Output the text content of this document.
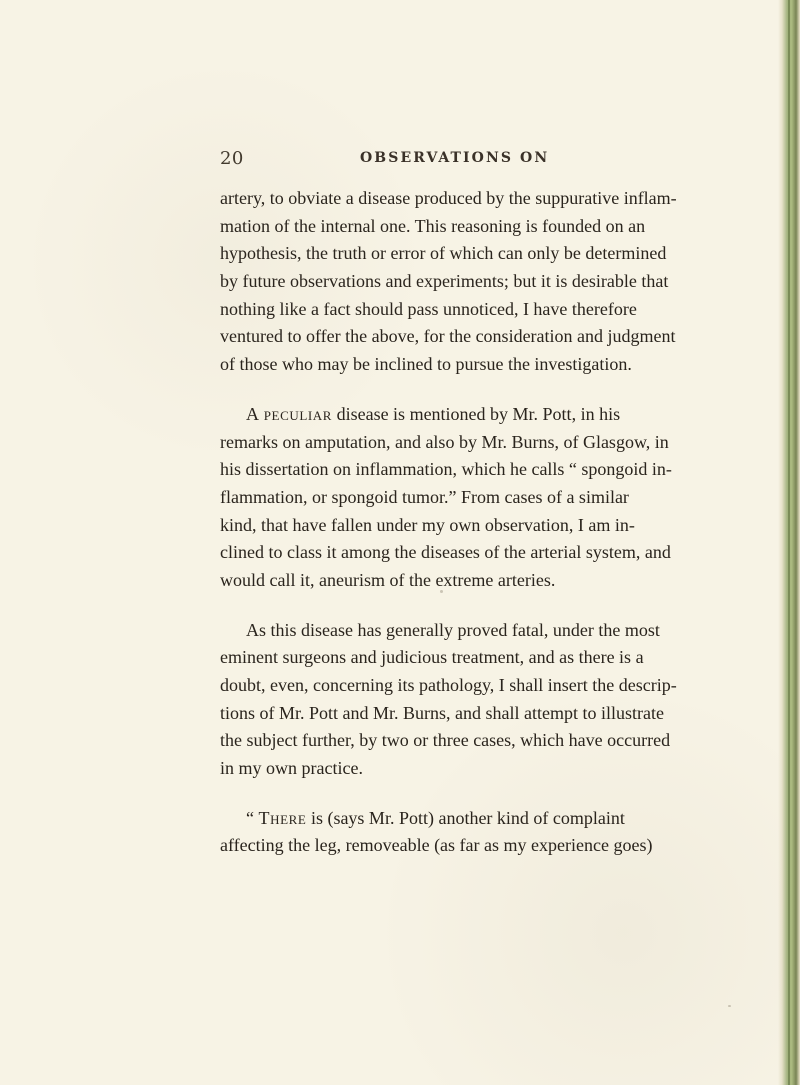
20	OBSERVATIONS ON
artery, to obviate a disease produced by the suppurative inflam-
mation of the internal one. This reasoning is founded on an
hypothesis, the truth or error of which can only be determined
by future observations and experiments; but it is desirable that
nothing like a fact should pass unnoticed, I have therefore
ventured to offer the above, for the consideration and judgment
of those who may be inclined to pursue the investigation.
A peculiar disease is mentioned by Mr. Pott, in his
remarks on amputation, and also by Mr. Burns, of Glasgow, in
his dissertation on inflammation, which he calls “ spongoid in-
flammation, or spongoid tumor.” From cases of a similar
kind, that have fallen under my own observation, I am in-
clined to class it among the diseases of the arterial system, and
would call it, aneurism of the extreme arteries.
As this disease has generally proved fatal, under the most
eminent surgeons and judicious treatment, and as there is a
doubt, even, concerning its pathology, I shall insert the descrip-
tions of Mr. Pott and Mr. Burns, and shall attempt to illustrate
the subject further, by two or three cases, which have occurred
in my own practice.
“ There is (says Mr. Pott) another kind of complaint
affecting the leg, removeable (as far as my experience goes)
